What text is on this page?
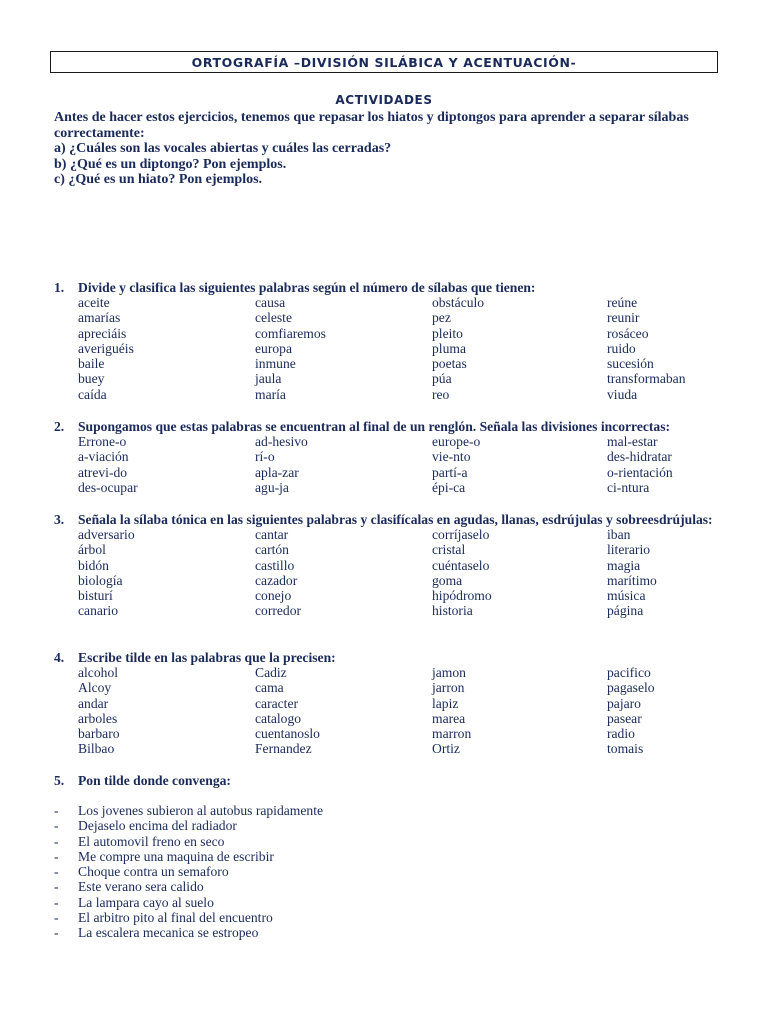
ORTOGRAFÍA –DIVISIÓN SILÁBICA Y ACENTUACIÓN-
ACTIVIDADES

Antes de hacer estos ejercicios, tenemos que repasar los hiatos y diptongos para aprender a separar sílabas correctamente:

a) ¿Cuáles son las vocales abiertas y cuáles las cerradas?

b) ¿Qué es un diptongo? Pon ejemplos.

c) ¿Qué es un hiato? Pon ejemplos.

1.	Divide y clasifica las siguientes palabras según el número de sílabas que tienen:
aceite	causa	obstáculo	reúne
amarías	celeste	pez	reunir
apreciáis	comfiaremos	pleito	rosáceo
averiguéis	europa	pluma	ruido
baile	inmune	poetas	sucesión
buey	jaula	púa	transformaban
caída	maría	reo	viuda
2.	Supongamos que estas palabras se encuentran al final de un renglón. Señala las divisiones incorrectas:
Errone-o	ad-hesivo	europe-o	mal-estar
a-viación	rí-o	vie-nto	des-hidratar
atrevi-do	apla-zar	partí-a	o-rientación
des-ocupar	agu-ja	épi-ca	ci-ntura
3.	Señala la sílaba tónica en las siguientes palabras y clasifícalas en agudas, llanas, esdrújulas y sobreesdrújulas:
adversario	cantar	corríjaselo	iban
árbol	cartón	cristal	literario
bidón	castillo	cuéntaselo	magia
biología	cazador	goma	marítimo
bisturí	conejo	hipódromo	música
canario	corredor	historia	página
4.	Escribe tilde en las palabras que la precisen:
alcohol	Cadiz	jamon	pacifico
Alcoy	cama	jarron	pagaselo
andar	caracter	lapiz	pajaro
arboles	catalogo	marea	pasear
barbaro	cuentanoslo	marron	radio
Bilbao	Fernandez	Ortiz	tomais
5.	Pon tilde donde convenga:
-	Los jovenes subieron al autobus rapidamente
-	Dejaselo encima del radiador
-	El automovil freno en seco
-	Me compre una maquina de escribir
-	Choque contra un semaforo
-	Este verano sera calido
-	La lampara cayo al suelo
-	El arbitro pito al final del encuentro
-	La escalera mecanica se estropeo
